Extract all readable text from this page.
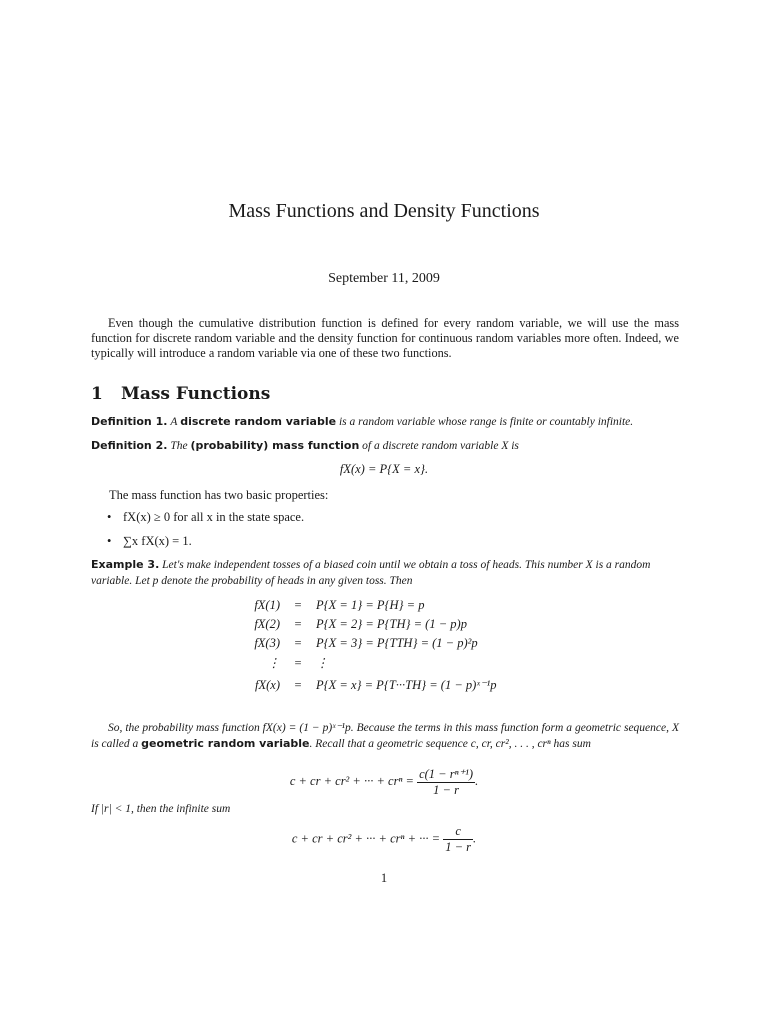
Mass Functions and Density Functions
September 11, 2009
Even though the cumulative distribution function is defined for every random variable, we will use the mass function for discrete random variable and the density function for continuous random variables more often. Indeed, we typically will introduce a random variable via one of these two functions.
1 Mass Functions
Definition 1. A discrete random variable is a random variable whose range is finite or countably infinite.
Definition 2. The (probability) mass function of a discrete random variable X is
fX(x) = P{X = x}.
The mass function has two basic properties:
• fX(x) ≥ 0 for all x in the state space.
• ∑x fX(x) = 1.
Example 3. Let's make independent tosses of a biased coin until we obtain a toss of heads. This number X is a random variable. Let p denote the probability of heads in any given toss. Then
fX(1) = P{X = 1} = P{H} = p
fX(2) = P{X = 2} = P{TH} = (1 − p)p
fX(3) = P{X = 3} = P{TTH} = (1 − p)²p
⋮ = ⋮
fX(x) = P{X = x} = P{T···TH} = (1 − p)ˣ⁻¹p
So, the probability mass function fX(x) = (1 − p)ˣ⁻¹p. Because the terms in this mass function form a geometric sequence, X is called a geometric random variable. Recall that a geometric sequence c, cr, cr², . . . , crⁿ has sum
c + cr + cr² + ··· + $cr^n = \frac{\text{c(1 − rⁿ⁺¹)}}{1 - r}$ .
If |r| < 1, then the infinite sum
c + cr + cr² + ··· + crⁿ + ··· = $\frac{c}{1 - r}$ .
1
